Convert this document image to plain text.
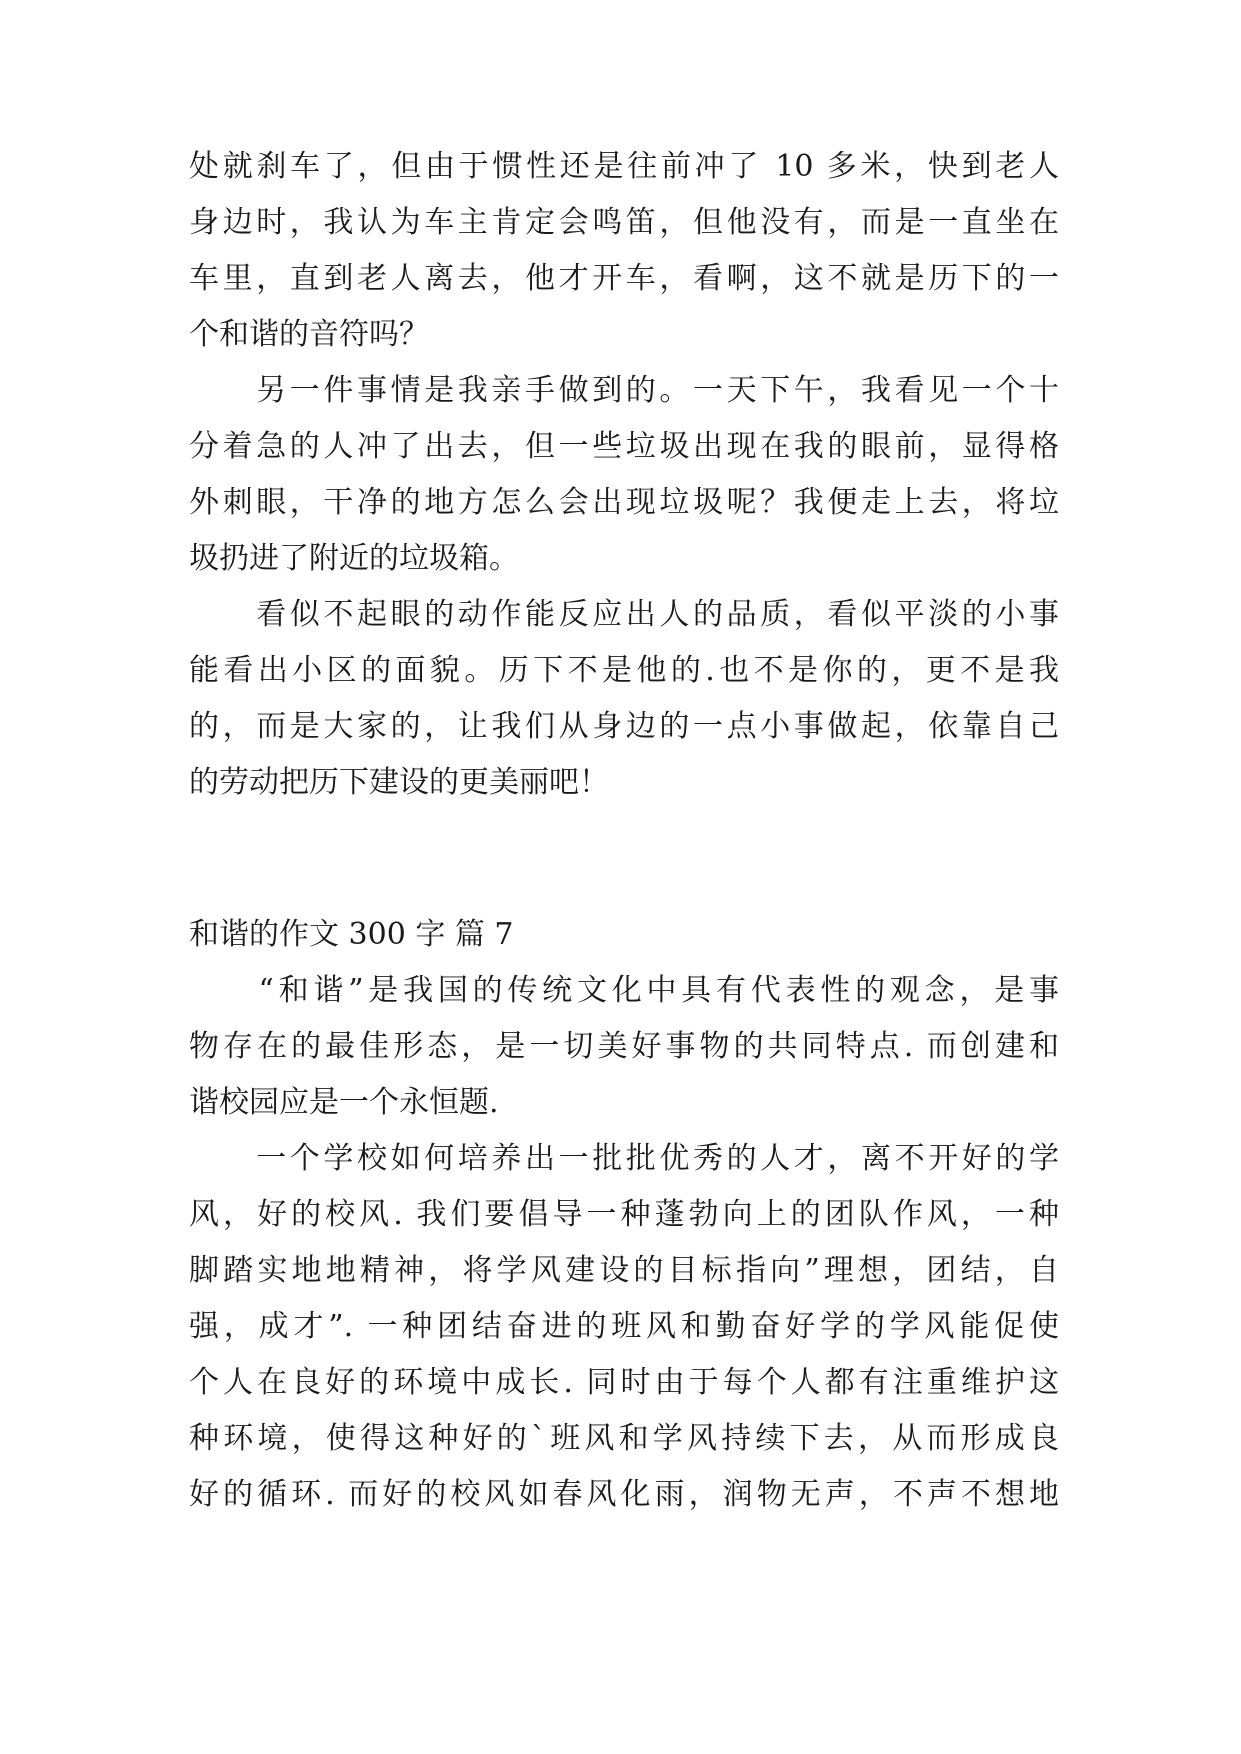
处就刹车了，但由于惯性还是往前冲了 10 多米，快到老人
身边时，我认为车主肯定会鸣笛，但他没有，而是一直坐在
车里，直到老人离去，他才开车，看啊，这不就是历下的一
个和谐的音符吗？
　　另一件事情是我亲手做到的。一天下午，我看见一个十
分着急的人冲了出去，但一些垃圾出现在我的眼前，显得格
外刺眼，干净的地方怎么会出现垃圾呢？我便走上去，将垃
圾扔进了附近的垃圾箱。
　　看似不起眼的动作能反应出人的品质，看似平淡的小事
能看出小区的面貌。历下不是他的.也不是你的，更不是我
的，而是大家的，让我们从身边的一点小事做起，依靠自己
的劳动把历下建设的更美丽吧！
和谐的作文 300 字 篇 7
　　“和谐”是我国的传统文化中具有代表性的观念，是事
物存在的最佳形态，是一切美好事物的共同特点. 而创建和
谐校园应是一个永恒题.
　　一个学校如何培养出一批批优秀的人才，离不开好的学
风，好的校风. 我们要倡导一种蓬勃向上的团队作风，一种
脚踏实地地精神，将学风建设的目标指向”理想，团结，自
强，成才”. 一种团结奋进的班风和勤奋好学的学风能促使
个人在良好的环境中成长. 同时由于每个人都有注重维护这
种环境，使得这种好的`班风和学风持续下去，从而形成良
好的循环. 而好的校风如春风化雨，润物无声，不声不想地
